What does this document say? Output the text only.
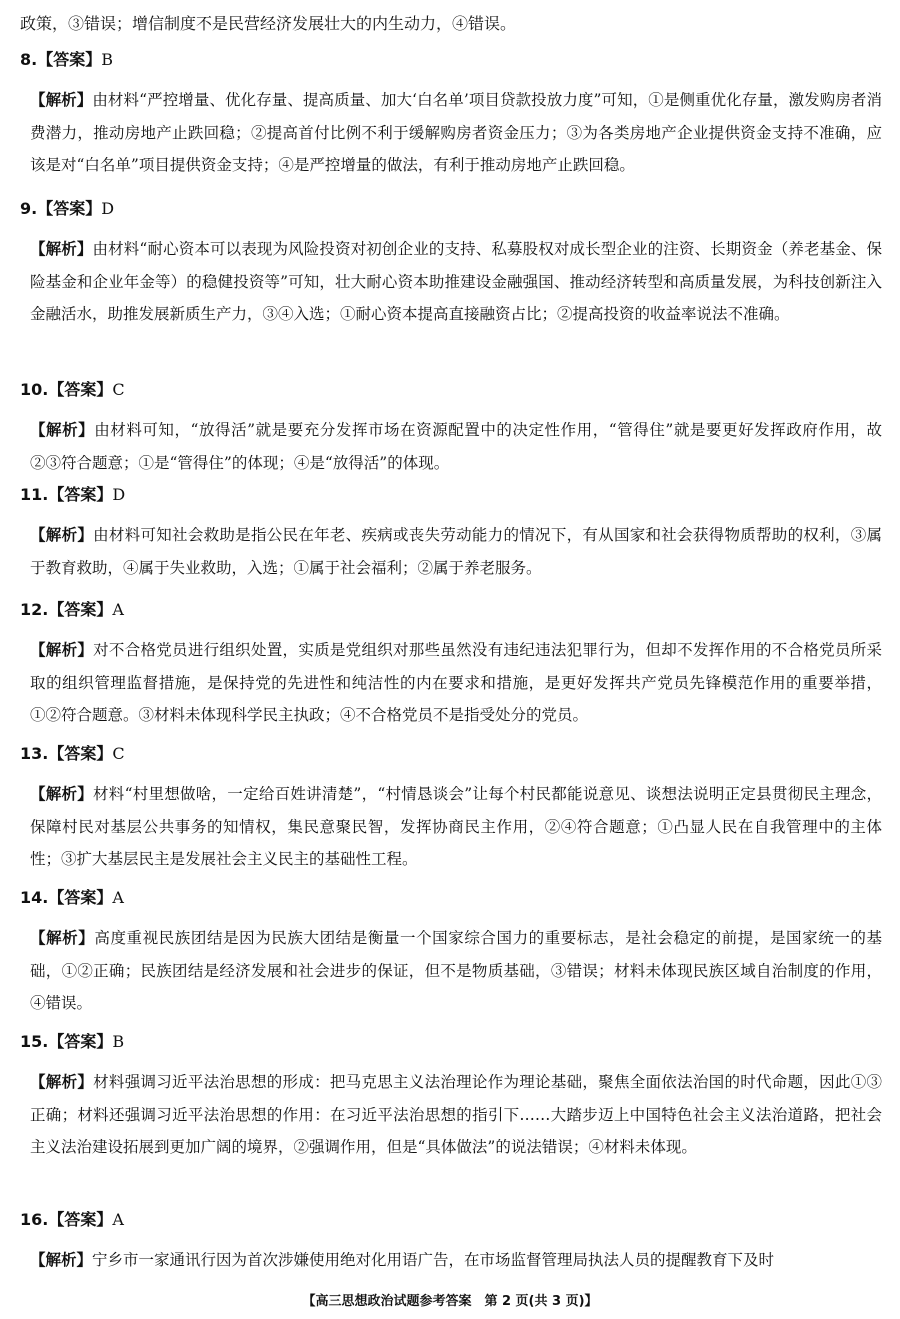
政策，③错误；增信制度不是民营经济发展壮大的内生动力，④错误。

8.【答案】B

【解析】由材料“严控增量、优化存量、提高质量、加大‘白名单’项目贷款投放力度”可知，①是侧重优化存量，激发购房者消费潜力，推动房地产止跌回稳；②提高首付比例不利于缓解购房者资金压力；③为各类房地产企业提供资金支持不准确，应该是对“白名单”项目提供资金支持；④是严控增量的做法，有利于推动房地产止跌回稳。

9.【答案】D

【解析】由材料“耐心资本可以表现为风险投资对初创企业的支持、私募股权对成长型企业的注资、长期资金（养老基金、保险基金和企业年金等）的稳健投资等”可知，壮大耐心资本助推建设金融强国、推动经济转型和高质量发展，为科技创新注入金融活水，助推发展新质生产力，③④入选；①耐心资本提高直接融资占比；②提高投资的收益率说法不准确。

10.【答案】C

【解析】由材料可知，“放得活”就是要充分发挥市场在资源配置中的决定性作用，“管得住”就是要更好发挥政府作用，故②③符合题意；①是“管得住”的体现；④是“放得活”的体现。

11.【答案】D

【解析】由材料可知社会救助是指公民在年老、疾病或丧失劳动能力的情况下，有从国家和社会获得物质帮助的权利，③属于教育救助，④属于失业救助，入选；①属于社会福利；②属于养老服务。

12.【答案】A

【解析】对不合格党员进行组织处置，实质是党组织对那些虽然没有违纪违法犯罪行为，但却不发挥作用的不合格党员所采取的组织管理监督措施，是保持党的先进性和纯洁性的内在要求和措施，是更好发挥共产党员先锋模范作用的重要举措，①②符合题意。③材料未体现科学民主执政；④不合格党员不是指受处分的党员。

13.【答案】C

【解析】材料“村里想做啥，一定给百姓讲清楚”，“村情恳谈会”让每个村民都能说意见、谈想法说明正定县贯彻民主理念，保障村民对基层公共事务的知情权，集民意聚民智，发挥协商民主作用，②④符合题意；①凸显人民在自我管理中的主体性；③扩大基层民主是发展社会主义民主的基础性工程。

14.【答案】A

【解析】高度重视民族团结是因为民族大团结是衡量一个国家综合国力的重要标志，是社会稳定的前提，是国家统一的基础，①②正确；民族团结是经济发展和社会进步的保证，但不是物质基础，③错误；材料未体现民族区域自治制度的作用，④错误。

15.【答案】B

【解析】材料强调习近平法治思想的形成：把马克思主义法治理论作为理论基础，聚焦全面依法治国的时代命题，因此①③正确；材料还强调习近平法治思想的作用：在习近平法治思想的指引下……大踏步迈上中国特色社会主义法治道路，把社会主义法治建设拓展到更加广阔的境界，②强调作用，但是“具体做法”的说法错误；④材料未体现。

16.【答案】A

【解析】宁乡市一家通讯行因为首次涉嫌使用绝对化用语广告，在市场监督管理局执法人员的提醒教育下及时

【高三思想政治试题参考答案　第 2 页(共 3 页)】
